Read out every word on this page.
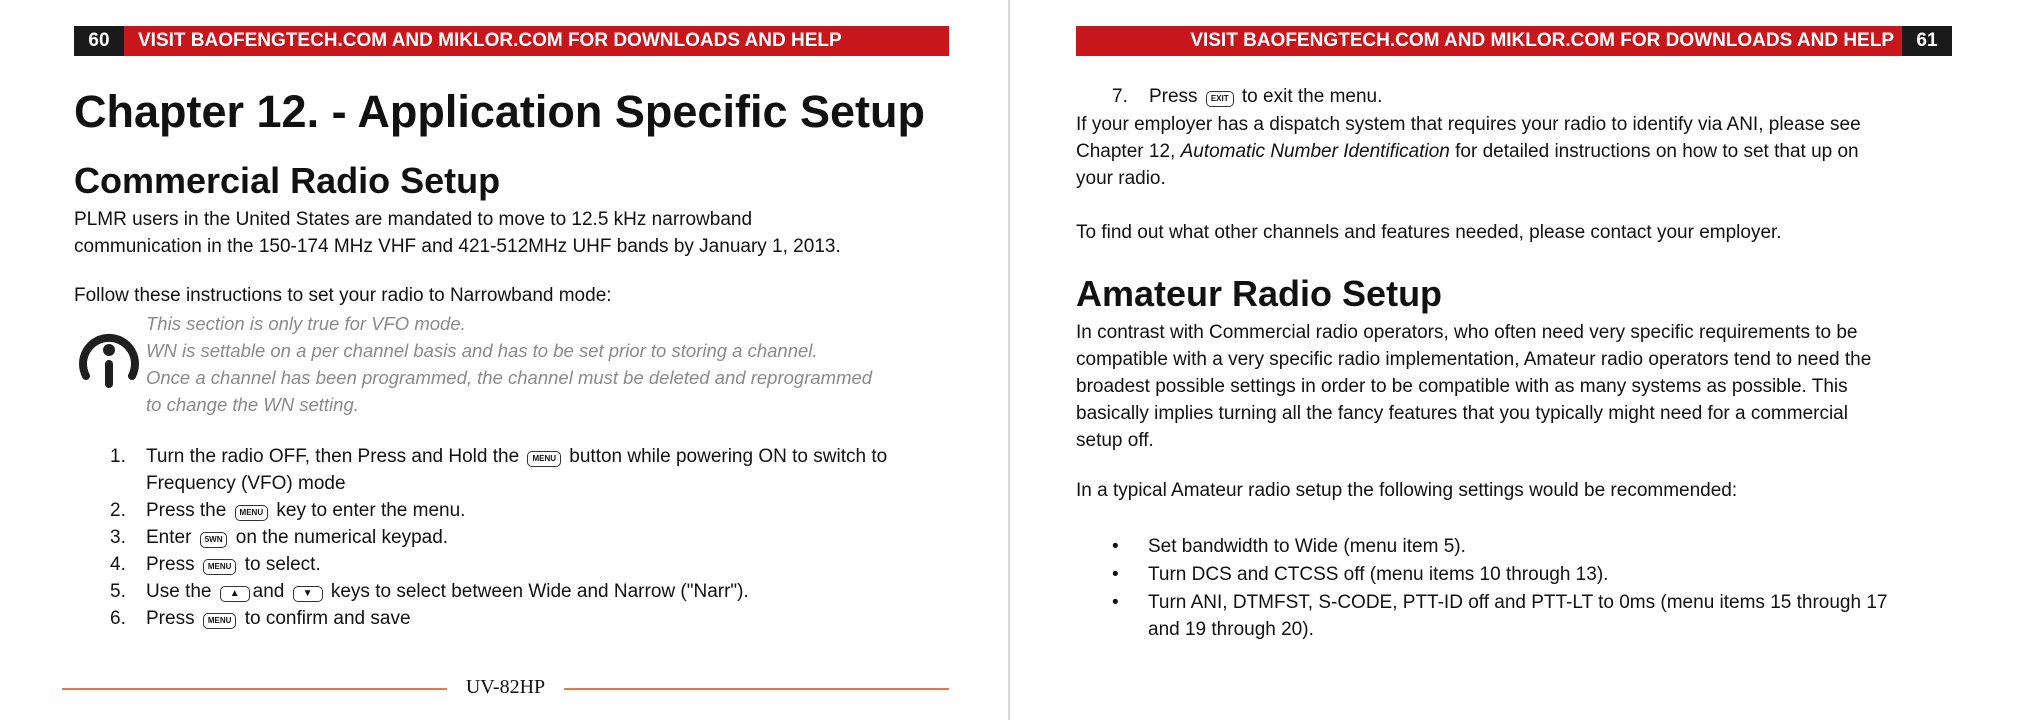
60 VISIT BAOFENGTECH.COM AND MIKLOR.COM FOR DOWNLOADS AND HELP
Chapter 12. - Application Specific Setup
Commercial Radio Setup
PLMR users in the United States are mandated to move to 12.5 kHz narrowband
communication in the 150-174 MHz VHF and 421-512MHz UHF bands by January 1, 2013.
Follow these instructions to set your radio to Narrowband mode:
This section is only true for VFO mode.
WN is settable on a per channel basis and has to be set prior to storing a channel.
Once a channel has been programmed, the channel must be deleted and reprogrammed
to change the WN setting.
1. Turn the radio OFF, then Press and Hold the MENU button while powering ON to switch to
Frequency (VFO) mode
2. Press the MENU key to enter the menu.
3. Enter 5WN on the numerical keypad.
4. Press MENU to select.
5. Use the ▲ and ▼ keys to select between Wide and Narrow ("Narr").
6. Press MENU to confirm and save
UV-82HP
61
VISIT BAOFENGTECH.COM AND MIKLOR.COM FOR DOWNLOADS AND HELP
7. Press EXIT to exit the menu.
If your employer has a dispatch system that requires your radio to identify via ANI, please see
Chapter 12, Automatic Number Identification for detailed instructions on how to set that up on
your radio.
To find out what other channels and features needed, please contact your employer.
Amateur Radio Setup
In contrast with Commercial radio operators, who often need very specific requirements to be
compatible with a very specific radio implementation, Amateur radio operators tend to need the
broadest possible settings in order to be compatible with as many systems as possible. This
basically implies turning all the fancy features that you typically might need for a commercial
setup off.
In a typical Amateur radio setup the following settings would be recommended:
• Set bandwidth to Wide (menu item 5).
• Turn DCS and CTCSS off (menu items 10 through 13).
• Turn ANI, DTMFST, S-CODE, PTT-ID off and PTT-LT to 0ms (menu items 15 through 17
and 19 through 20).
